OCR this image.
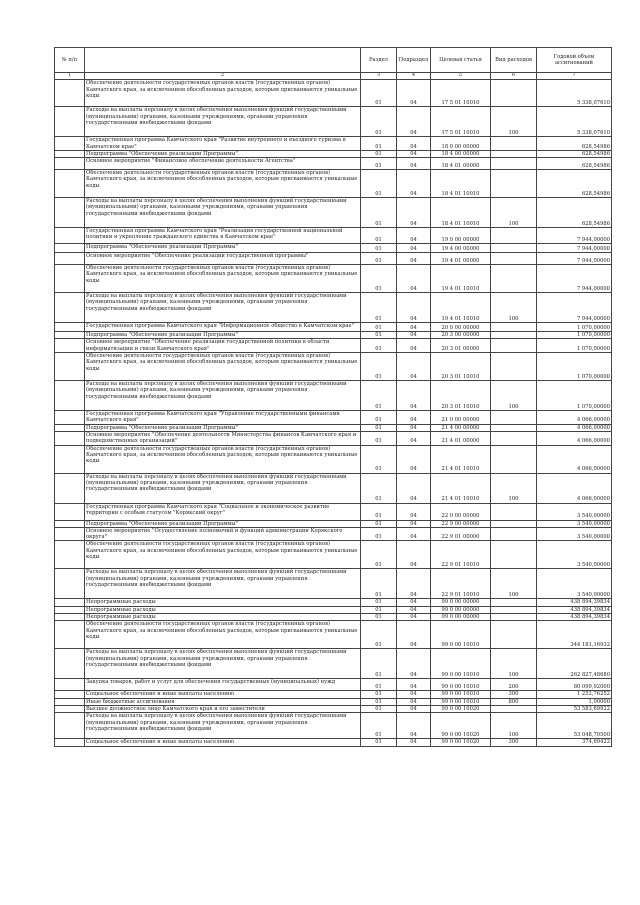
№ п/п		Раздел	Подраздел	Целевая статья	Вид расходов	Годовой объем ассигнований
1	2	3	4	5	6	7
	Обеспечение деятельности государственных органов власти (государственных органов) Камчатского края, за исключением обособленных расходов, которым присваиваются уникальные коды	01	04	17 5 01 10010		5 338,07610
	Расходы на выплаты персоналу в целях обеспечения выполнения функций государственными (муниципальными) органами, казенными учреждениями, органами управления государственными внебюджетными фондами	01	04	17 5 01 10010	100	5 338,07610
	Государственная программа Камчатского края "Развитие внутреннего и въездного туризма в Камчатском крае"	01	04	18 0 00 00000		628,54986
	Подпрограмма "Обеспечение реализации Программы"	01	04	18 4 00 00000		628,54986
	Основное мероприятие "Финансовое обеспечение деятельности Агентства"	01	04	18 4 01 00000		628,54986
	Обеспечение деятельности государственных органов власти (государственных органов) Камчатского края, за исключением обособленных расходов, которым присваиваются уникальные коды	01	04	18 4 01 10010		628,54986
	Расходы на выплаты персоналу в целях обеспечения выполнения функций государственными (муниципальными) органами, казенными учреждениями, органами управления государственными внебюджетными фондами	01	04	18 4 01 10010	100	628,54986
	Государственная программа Камчатского края "Реализация государственной национальной политики и укрепление гражданского единства в Камчатском крае"	01	04	19 0 00 00000		7 944,00000
	Подпрограмма "Обеспечение реализации Программы"	01	04	19 4 00 00000		7 944,00000
	Основное мероприятие "Обеспечение реализации государственной программы"	01	04	19 4 01 00000		7 944,00000
	Обеспечение деятельности государственных органов власти (государственных органов) Камчатского края, за исключением обособленных расходов, которым присваиваются уникальные коды	01	04	19 4 01 10010		7 944,00000
	Расходы на выплаты персоналу в целях обеспечения выполнения функций государственными (муниципальными) органами, казенными учреждениями, органами управления государственными внебюджетными фондами	01	04	19 4 01 10010	100	7 944,00000
	Государственная программа Камчатского края "Информационное общество в Камчатском крае"	01	04	20 0 00 00000		1 070,00000
	Подпрограмма "Обеспечение реализации Программы"	01	04	20 3 00 00000		1 070,00000
	Основное мероприятие "Обеспечение реализации государственной политики в области информатизации и связи Камчатского края"	01	04	20 3 01 00000		1 070,00000
	Обеспечение деятельности государственных органов власти (государственных органов) Камчатского края, за исключением обособленных расходов, которым присваиваются уникальные коды	01	04	20 3 01 10010		1 070,00000
	Расходы на выплаты персоналу в целях обеспечения выполнения функций государственными (муниципальными) органами, казенными учреждениями, органами управления государственными внебюджетными фондами	01	04	20 3 01 10010	100	1 070,00000
	Государственная программа Камчатского края "Управление государственными финансами Камчатского края"	01	04	21 0 00 00000		4 066,00000
	Подпрограмма "Обеспечение реализации Программы"	01	04	21 4 00 00000		4 066,00000
	Основное мероприятие "Обеспечение деятельности Министерства финансов Камчатского края и подведомственных организаций"	01	04	21 4 01 00000		4 066,00000
	Обеспечение деятельности государственных органов власти (государственных органов) Камчатского края, за исключением обособленных расходов, которым присваиваются уникальные коды	01	04	21 4 01 10010		4 066,00000
	Расходы на выплаты персоналу в целях обеспечения выполнения функций государственными (муниципальными) органами, казенными учреждениями, органами управления государственными внебюджетными фондами	01	04	21 4 01 10010	100	4 066,00000
	Государственная программа Камчатского края "Социальное и экономическое развитие территории с особым статусом "Корякский округ"	01	04	22 0 00 00000		3 540,00000
	Подпрограмма "Обеспечение реализации Программы"	01	04	22 9 00 00000		3 540,00000
	Основное мероприятие "Осуществление полномочий и функций администрации Корякского округа"	01	04	22 9 01 00000		3 540,00000
	Обеспечение деятельности государственных органов власти (государственных органов) Камчатского края, за исключением обособленных расходов, которым присваиваются уникальные коды	01	04	22 9 01 10010		3 540,00000
	Расходы на выплаты персоналу в целях обеспечения выполнения функций государственными (муниципальными) органами, казенными учреждениями, органами управления государственными внебюджетными фондами	01	04	22 9 01 10010	100	3 540,00000
	Непрограммные расходы	01	04	99 0 00 00000		438 894,39834
	Непрограммные расходы	01	04	99 0 00 00000		438 894,39834
	Непрограммные расходы	01	04	99 0 00 00000		438 894,39834
	Обеспечение деятельности государственных органов власти (государственных органов) Камчатского края, за исключением обособленных расходов, которым присваиваются уникальные коды	01	04	99 0 00 10010		344 181,16932
	Расходы на выплаты персоналу в целях обеспечения выполнения функций государственными (муниципальными) органами, казенными учреждениями, органами управления государственными внебюджетными фондами	01	04	99 0 00 10010	100	262 827,48680
	Закупка товаров, работ и услуг для обеспечения государственных (муниципальных) нужд	01	04	99 0 00 10010	200	80 099,92000
	Социальное обеспечение и иные выплаты населению	01	04	99 0 00 10010	300	1 252,76252
	Иные бюджетные ассигнования	01	04	99 0 00 10010	800	1,00000
	Высшее должностное лицо Камчатского края и его заместители	01	04	99 0 00 10020		53 583,69922
	Расходы на выплаты персоналу в целях обеспечения выполнения функций государственными (муниципальными) органами, казенными учреждениями, органами управления государственными внебюджетными фондами	01	04	99 0 00 10020	100	53 048,70500
	Социальное обеспечение и иные выплаты населению	01	04	99 0 00 10020	300	374,69422
